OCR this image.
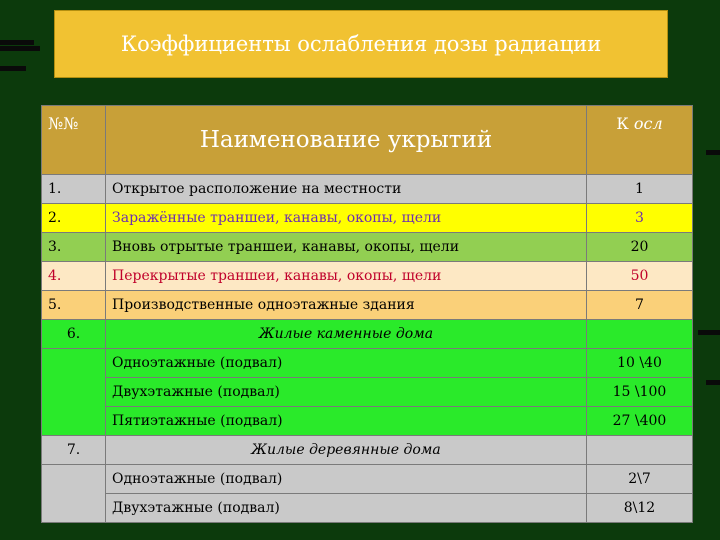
Коэффициенты ослабления дозы радиации
№№	Наименование укрытий	К осл
1.	Открытое расположение на местности	1
2.	Заражённые траншеи, канавы, окопы, щели	3
3.	Вновь отрытые траншеи, канавы, окопы, щели	20
4.	Перекрытые траншеи, канавы, окопы, щели	50
5.	Производственные одноэтажные здания	7
6.	Жилые каменные дома	
	Одноэтажные (подвал)	10 \40
	Двухэтажные (подвал)	15 \100
	Пятиэтажные (подвал)	27 \400
7.	Жилые деревянные дома	
	Одноэтажные (подвал)	2\7
	Двухэтажные (подвал)	8\12
